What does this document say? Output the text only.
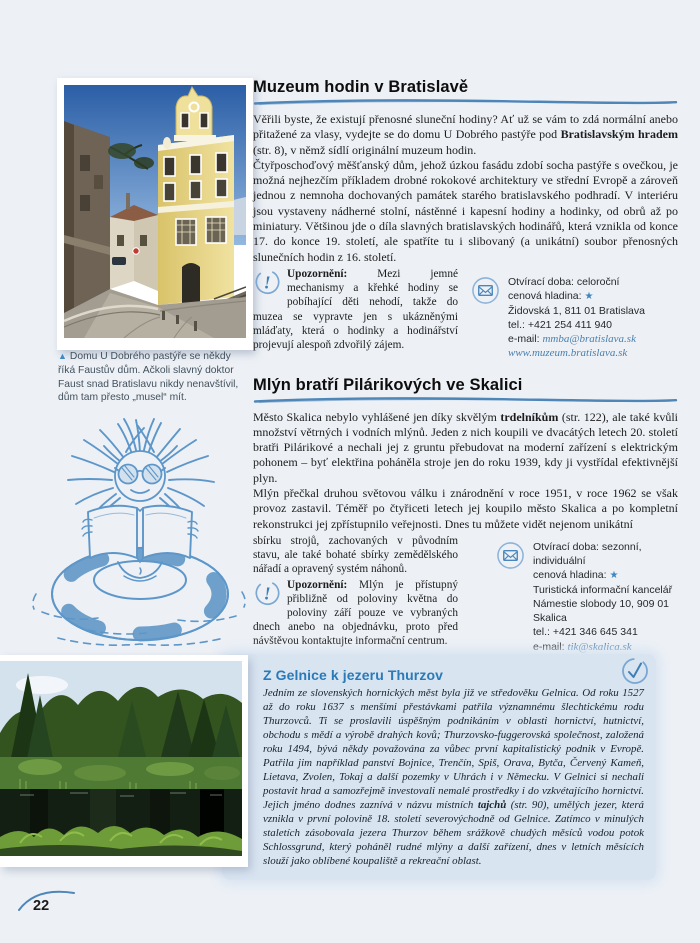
▲ Domu U Dobrého pastýře se někdy říká Faustův dům. Ačkoli slavný doktor Faust snad Bratislavu nikdy nenavštívil, dům tam přesto „musel“ mít.
Muzeum hodin v Bratislavě

Věřili byste, že existují přenosné sluneční hodiny? Ať už se vám to zdá normální anebo přitažené za vlasy, vydejte se do domu U Dobrého pastýře pod Bratislavským hradem (str. 8), v němž sídlí originální muzeum hodin.

Čtyřposchoďový měšťanský dům, jehož úzkou fasádu zdobí socha pastýře s ovečkou, je možná nejhezčím příkladem drobné rokokové architektury ve střední Evropě a zároveň jednou z nemnoha dochovaných památek starého bratislavského podhradí. V interiéru jsou vystaveny nádherné stolní, nástěnné i kapesní hodiny a hodinky, od obrů až po miniatury. Většinou jde o díla slavných bratislavských hodinářů, která vznikla od konce 17. do konce 19. století, ale spatříte tu i slibovaný (a unikátní) soubor přenosných slunečních hodin z 16. století.

!	Upozornění: Mezi jemné mechanismy a křehké hodiny se pobíhající děti nehodí, takže do muzea se vypravte jen s ukázněnými mláďaty, která o hodinky a hodinářství projevují alespoň zdvořilý zájem.

Otvírací doba: celoroční
cenová hladina: ★
Židovská 1, 811 01 Bratislava
tel.: +421 254 411 940
e-mail: mmba@bratislava.sk
www.muzeum.bratislava.sk
Mlýn bratří Pilárikových ve Skalici

Město Skalica nebylo vyhlášené jen díky skvělým trdelníkům (str. 122), ale také kvůli množství větrných i vodních mlýnů. Jeden z nich koupili ve dvacátých letech 20. století bratři Pilárikové a nechali jej z gruntu přebudovat na moderní zařízení s elektrickým pohonem – byť elektřina poháněla stroje jen do roku 1939, kdy ji vystřídal efektivnější plyn.

Mlýn přečkal druhou světovou válku i znárodnění v roce 1951, v roce 1962 se však provoz zastavil. Téměř po čtyřiceti letech jej koupilo město Skalica a po kompletní rekonstrukci jej zpřístupnilo veřejnosti. Dnes tu můžete vidět nejenom unikátní

sbírku strojů, zachovaných v původním stavu, ale také bohaté sbírky zemědělského nářadí a opravený systém náhonů.

!	Upozornění: Mlýn je přístupný přibližně od poloviny května do poloviny září pouze ve vybraných dnech anebo na objednávku, proto před návštěvou kontaktujte informační centrum.

Otvírací doba: sezonní, individuální
cenová hladina: ★
Turistická informační kancelář
Námestie slobody 10, 909 01 Skalica
tel.: +421 346 645 341
e-mail: tik@skalica.sk
Z Gelnice k jezeru Thurzov

Jedním ze slovenských hornických měst byla již ve středověku Gelnica. Od roku 1527 až do roku 1637 s menšími přestávkami patřila významnému šlechtickému rodu Thurzovců. Ti se proslavili úspěšným podnikáním v oblasti hornictví, hutnictví, obchodu s mědí a výrobě drahých kovů; Thurzovsko-fuggerovská společnost, založená roku 1494, bývá někdy považována za vůbec první kapitalistický podnik v Evropě. Patřila jim například panství Bojnice, Trenčín, Spiš, Orava, Bytča, Červený Kameň, Lietava, Zvolen, Tokaj a další pozemky v Uhrách i v Německu. V Gelnici si nechali postavit hrad a samozřejmě investovali nemalé prostředky i do vzkvétajícího hornictví. Jejich jméno dodnes zaznívá v názvu místních tajchů (str. 90), umělých jezer, která vznikla v první polovině 18. století severovýchodně od Gelnice. Zatímco v minulých staletích zásobovala jezera Thurzov během srážkově chudých měsíců vodou potok Schlossgrund, který poháněl rudné mlýny a další zařízení, dnes v letních měsících slouží jako oblíbené koupaliště a rekreační oblast.

22
